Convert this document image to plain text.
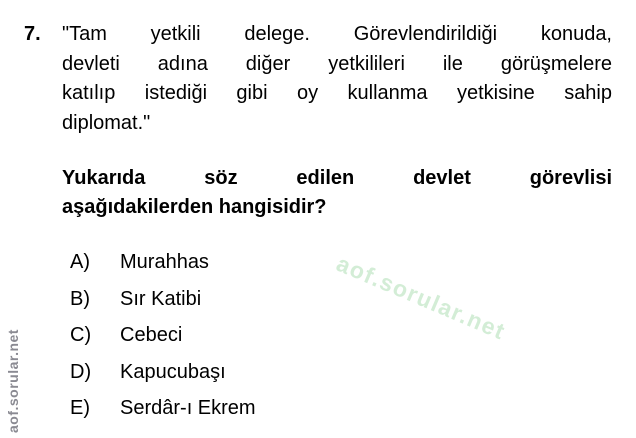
7.	"Tam yetkili delege. Görevlendirildiği konuda,
devleti adına diğer yetkilileri ile görüşmelere
katılıp istediği gibi oy kullanma yetkisine sahip
diplomat."
Yukarıda söz edilen devlet görevlisi
aşağıdakilerden hangisidir?
A)	Murahhas
B)	Sır Katibi
C)	Cebeci
D)	Kapucubaşı
E)	Serdâr-ı Ekrem
aof.sorular.net
aof.sorular.net
